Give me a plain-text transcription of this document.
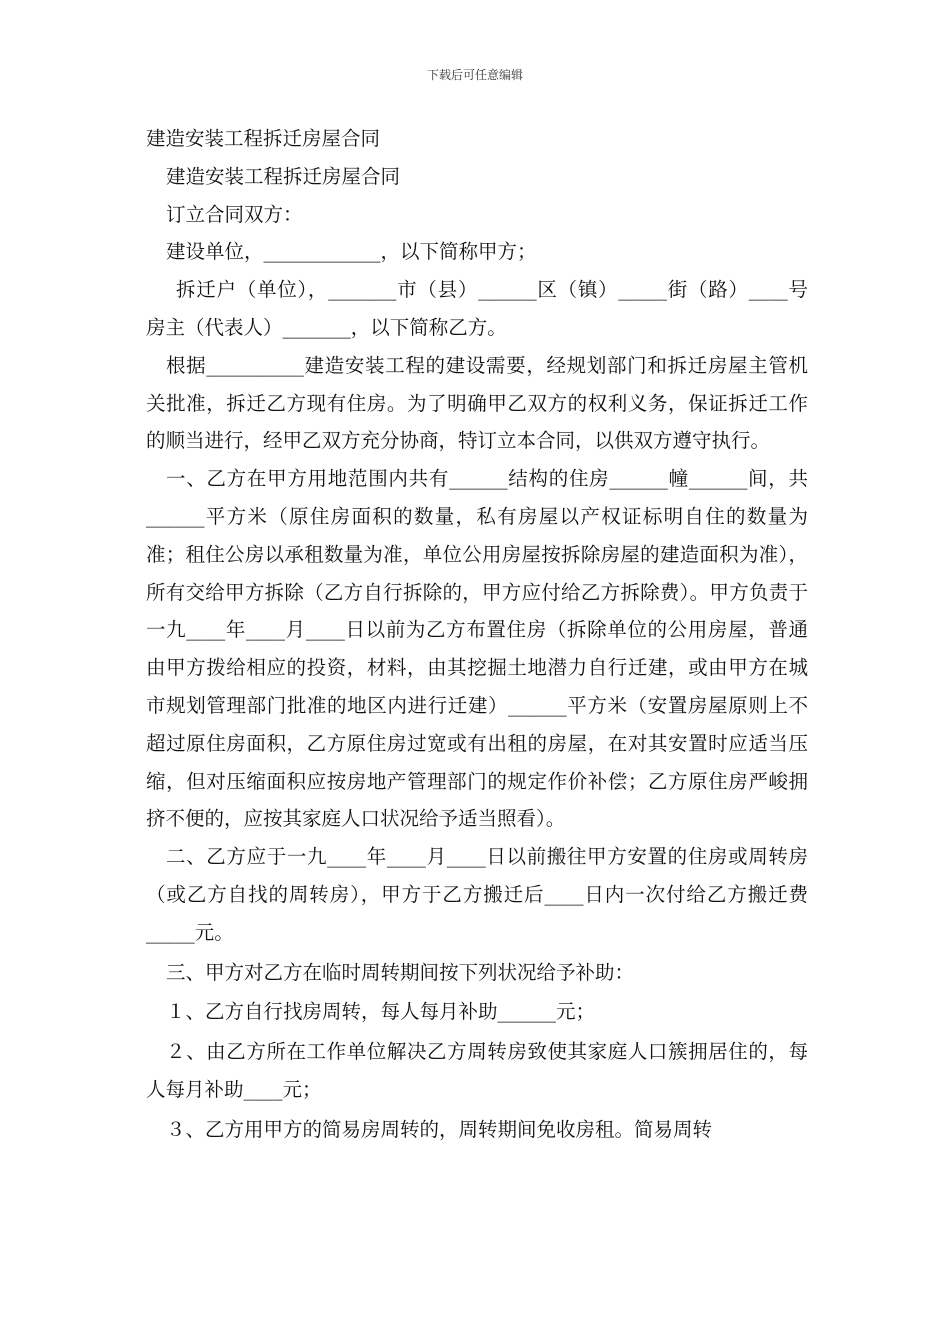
下载后可任意编辑

建造安装工程拆迁房屋合同

建造安装工程拆迁房屋合同

订立合同双方：

建设单位，____________，以下简称甲方；

拆迁户（单位），_______市（县）______区（镇）_____街（路）____号房主（代表人）_______，以下简称乙方。

根据__________建造安装工程的建设需要，经规划部门和拆迁房屋主管机关批准，拆迁乙方现有住房。为了明确甲乙双方的权利义务，保证拆迁工作的顺当进行，经甲乙双方充分协商，特订立本合同，以供双方遵守执行。

一、乙方在甲方用地范围内共有______结构的住房______幢______间，共______平方米（原住房面积的数量，私有房屋以产权证标明自住的数量为准；租住公房以承租数量为准，单位公用房屋按拆除房屋的建造面积为准），所有交给甲方拆除（乙方自行拆除的，甲方应付给乙方拆除费）。甲方负责于一九____年____月____日以前为乙方布置住房（拆除单位的公用房屋，普通由甲方拨给相应的投资，材料，由其挖掘土地潜力自行迁建，或由甲方在城市规划管理部门批准的地区内进行迁建）______平方米（安置房屋原则上不超过原住房面积，乙方原住房过宽或有出租的房屋，在对其安置时应适当压缩，但对压缩面积应按房地产管理部门的规定作价补偿；乙方原住房严峻拥挤不便的，应按其家庭人口状况给予适当照看）。

二、乙方应于一九____年____月____日以前搬往甲方安置的住房或周转房（或乙方自找的周转房），甲方于乙方搬迁后____日内一次付给乙方搬迁费_____元。

三、甲方对乙方在临时周转期间按下列状况给予补助：

１、乙方自行找房周转，每人每月补助______元；

２、由乙方所在工作单位解决乙方周转房致使其家庭人口簇拥居住的，每人每月补助____元；

３、乙方用甲方的简易房周转的，周转期间免收房租。简易周转
